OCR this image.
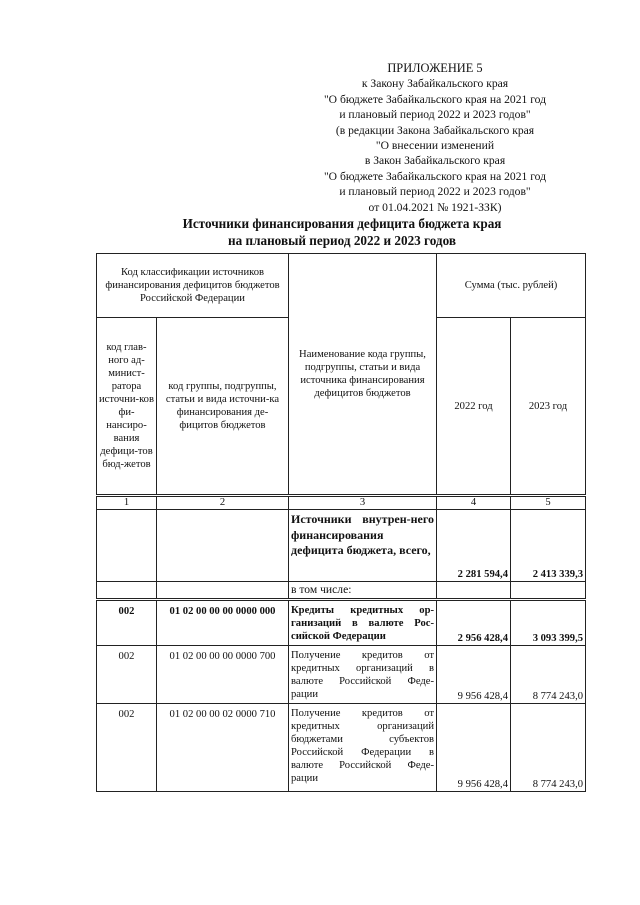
ПРИЛОЖЕНИЕ 5
к Закону Забайкальского края
"О бюджете Забайкальского края на 2021 год
и плановый период 2022 и 2023 годов"
(в редакции Закона Забайкальского края
"О внесении изменений
в Закон Забайкальского края
"О бюджете Забайкальского края на 2021 год
и плановый период 2022 и 2023 годов"
от 01.04.2021 № 1921-ЗЗК)
Источники финансирования дефицита бюджета края
на плановый период 2022 и 2023 годов
Код классификации источников финансирования дефицитов бюджетов Российской Федерации		Наименование кода группы, подгруппы, статьи и вида источника финансирования дефицитов бюджетов	Сумма (тыс. рублей)	
код глав-ного ад-минист-ратора источни-ков фи-нансиро-вания дефици-тов бюд-жетов	код группы, подгруппы, статьи и вида источни-ка финансирования де-фицитов бюджетов		2022 год	2023 год
1	2	3	4	5
		Источники внутрен-него финансирования дефицита бюджета, всего,	2 281 594,4	2 413 339,3
		в том числе:		
002	01 02 00 00 00 0000 000	Кредиты кредитных ор-ганизаций в валюте Рос-сийской Федерации	2 956 428,4	3 093 399,5
002	01 02 00 00 00 0000 700	Получение кредитов от кредитных организаций в валюте Российской Феде-рации	9 956 428,4	8 774 243,0
002	01 02 00 00 02 0000 710	Получение кредитов от кредитных организаций бюджетами субъектов Российской Федерации в валюте Российской Феде-рации	9 956 428,4	8 774 243,0
